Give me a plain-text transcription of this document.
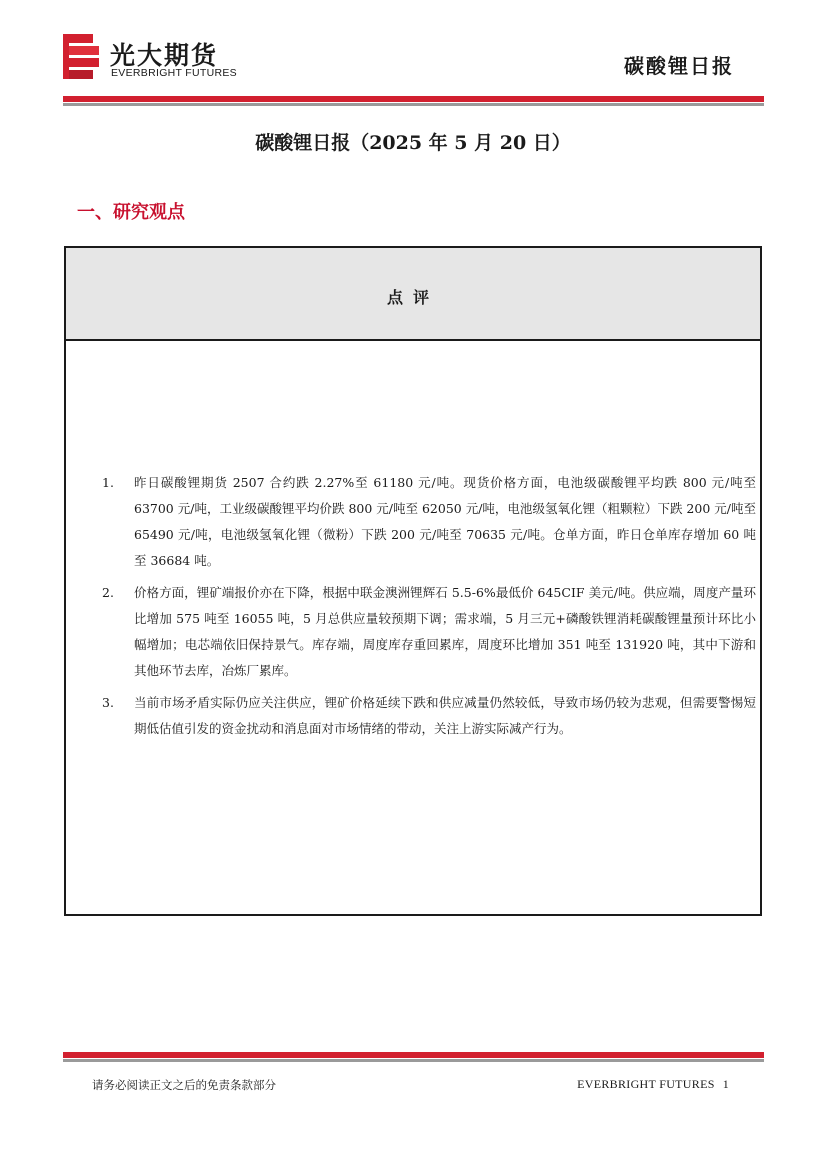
光大期货
EVERBRIGHT FUTURES	碳酸锂日报
碳酸锂日报（2025 年 5 月 20 日）
一、研究观点
点评
1.	昨日碳酸锂期货 2507 合约跌 2.27%至 61180 元/吨。现货价格方面，电池级碳酸锂平均跌 800 元/吨至 63700 元/吨，工业级碳酸锂平均价跌 800 元/吨至 62050 元/吨，电池级氢氧化锂（粗颗粒）下跌 200 元/吨至 65490 元/吨，电池级氢氧化锂（微粉）下跌 200 元/吨至 70635 元/吨。仓单方面，昨日仓单库存增加 60 吨至 36684 吨。
2.	价格方面，锂矿端报价亦在下降，根据中联金澳洲锂辉石 5.5-6%最低价 645CIF 美元/吨。供应端，周度产量环比增加 575 吨至 16055 吨，5 月总供应量较预期下调；需求端，5 月三元+磷酸铁锂消耗碳酸锂量预计环比小幅增加；电芯端依旧保持景气。库存端，周度库存重回累库，周度环比增加 351 吨至 131920 吨，其中下游和其他环节去库，冶炼厂累库。
3.	当前市场矛盾实际仍应关注供应，锂矿价格延续下跌和供应减量仍然较低，导致市场仍较为悲观，但需要警惕短期低估值引发的资金扰动和消息面对市场情绪的带动，关注上游实际减产行为。
请务必阅读正文之后的免责条款部分	EVERBRIGHT FUTURES 1
